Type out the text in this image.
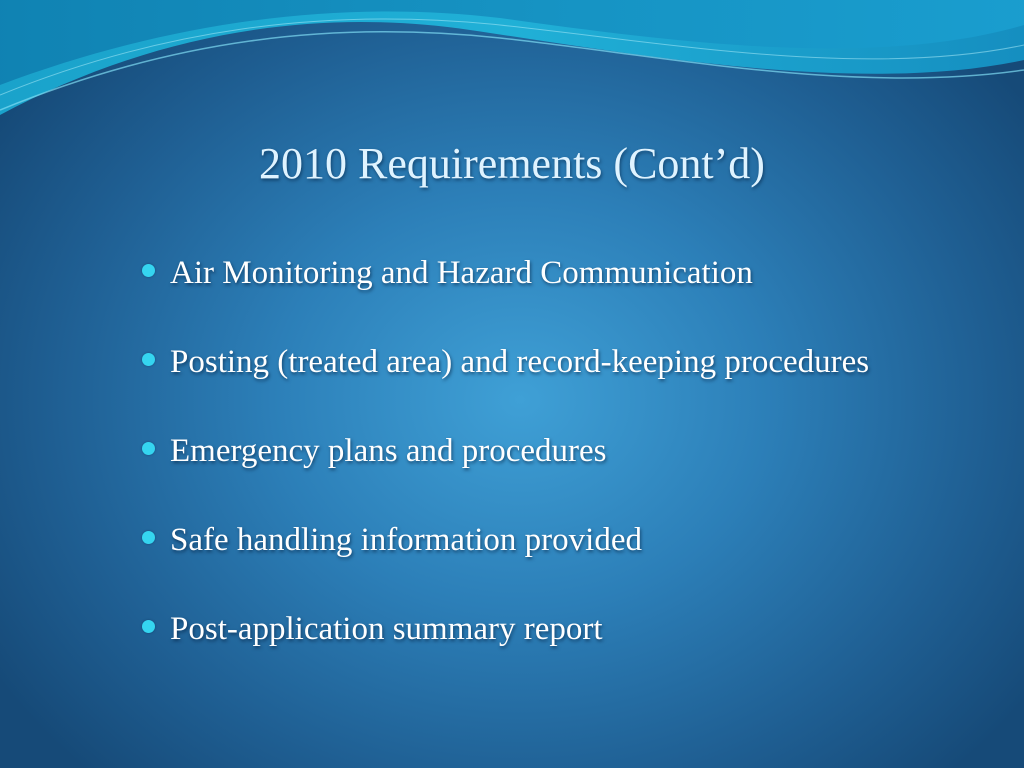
2010 Requirements (Cont’d)
Air Monitoring and Hazard Communication
Posting (treated area) and record-keeping procedures
Emergency plans and procedures
Safe handling information provided
Post-application summary report
